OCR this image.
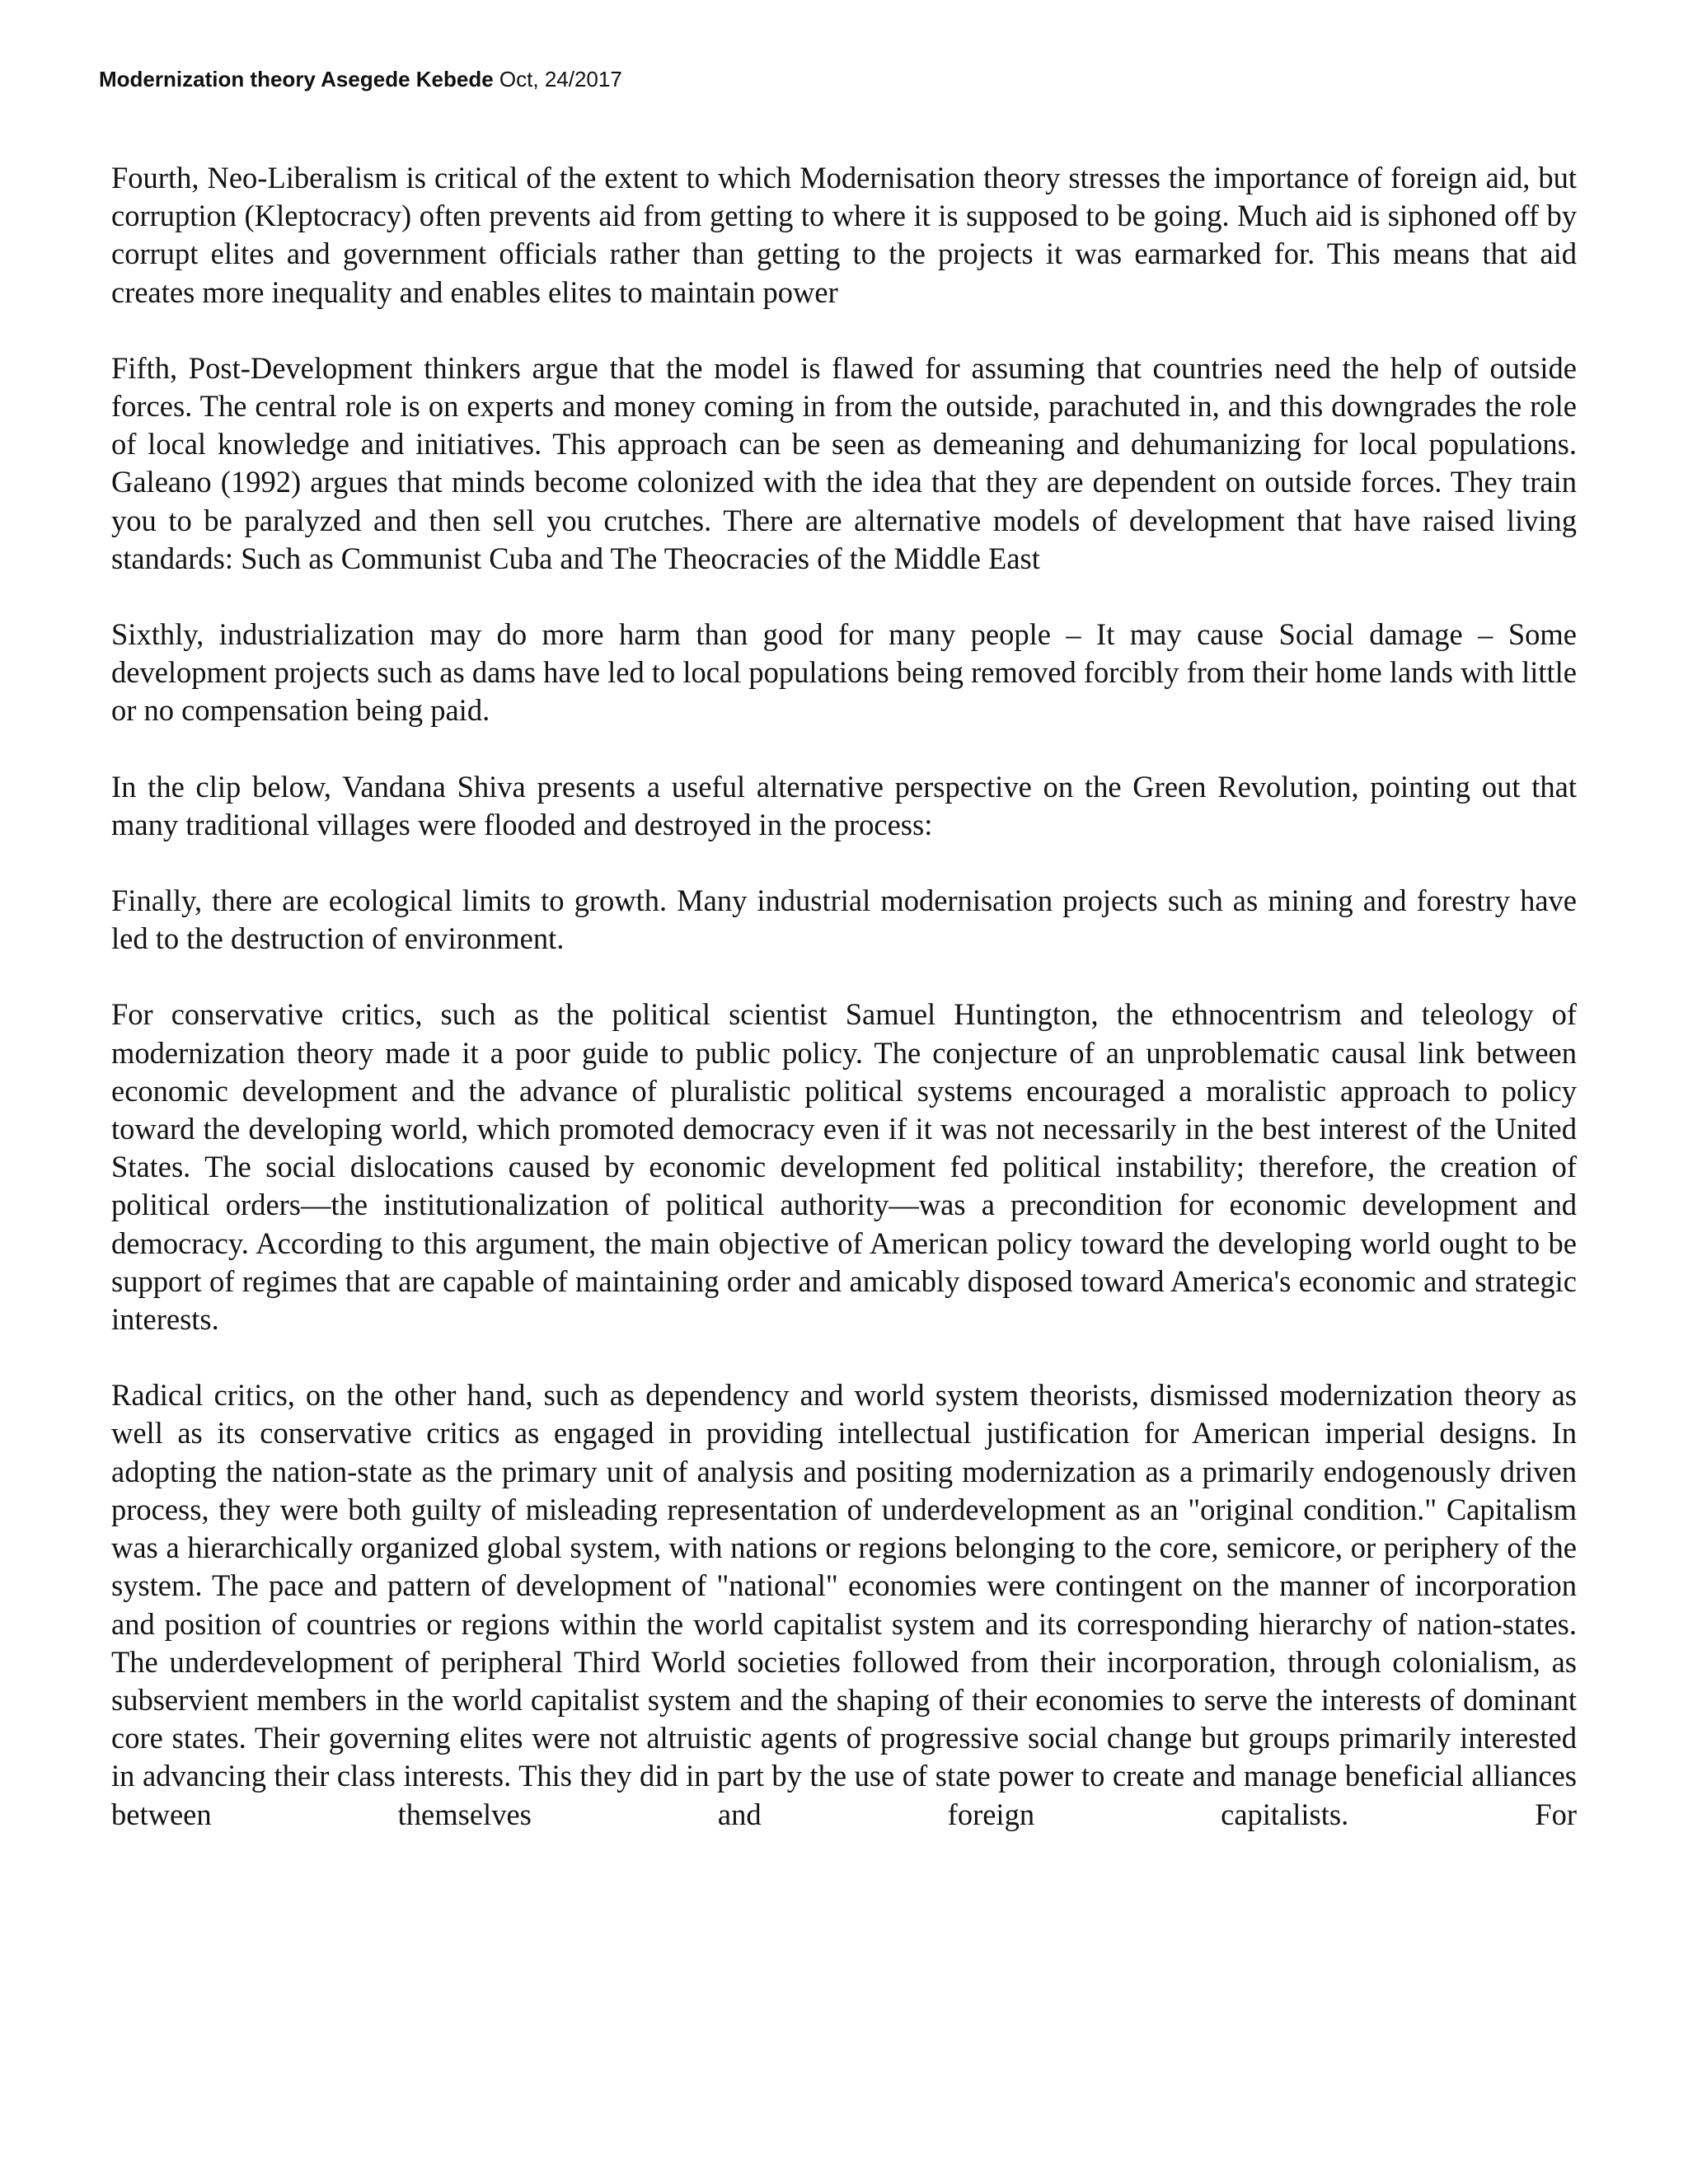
Modernization theory Asegede Kebede Oct, 24/2017

Fourth, Neo-Liberalism is critical of the extent to which Modernisation theory stresses the importance of foreign aid, but corruption (Kleptocracy) often prevents aid from getting to where it is supposed to be going. Much aid is siphoned off by corrupt elites and government officials rather than getting to the projects it was earmarked for. This means that aid creates more inequality and enables elites to maintain power

Fifth, Post-Development thinkers argue that the model is flawed for assuming that countries need the help of outside forces. The central role is on experts and money coming in from the outside, parachuted in, and this downgrades the role of local knowledge and initiatives. This approach can be seen as demeaning and dehumanizing for local populations. Galeano (1992) argues that minds become colonized with the idea that they are dependent on outside forces. They train you to be paralyzed and then sell you crutches. There are alternative models of development that have raised living standards: Such as Communist Cuba and The Theocracies of the Middle East

Sixthly, industrialization may do more harm than good for many people – It may cause Social damage – Some development projects such as dams have led to local populations being removed forcibly from their home lands with little or no compensation being paid.

In the clip below, Vandana Shiva presents a useful alternative perspective on the Green Revolution, pointing out that many traditional villages were flooded and destroyed in the process:

Finally, there are ecological limits to growth. Many industrial modernisation projects such as mining and forestry have led to the destruction of environment.

For conservative critics, such as the political scientist Samuel Huntington, the ethnocentrism and teleology of modernization theory made it a poor guide to public policy. The conjecture of an unproblematic causal link between economic development and the advance of pluralistic political systems encouraged a moralistic approach to policy toward the developing world, which promoted democracy even if it was not necessarily in the best interest of the United States. The social dislocations caused by economic development fed political instability; therefore, the creation of political orders—the institutionalization of political authority—was a precondition for economic development and democracy. According to this argument, the main objective of American policy toward the developing world ought to be support of regimes that are capable of maintaining order and amicably disposed toward America's economic and strategic interests.

Radical critics, on the other hand, such as dependency and world system theorists, dismissed modernization theory as well as its conservative critics as engaged in providing intellectual justification for American imperial designs. In adopting the nation-state as the primary unit of analysis and positing modernization as a primarily endogenously driven process, they were both guilty of misleading representation of underdevelopment as an "original condition." Capitalism was a hierarchically organized global system, with nations or regions belonging to the core, semicore, or periphery of the system. The pace and pattern of development of "national" economies were contingent on the manner of incorporation and position of countries or regions within the world capitalist system and its corresponding hierarchy of nation-states. The underdevelopment of peripheral Third World societies followed from their incorporation, through colonialism, as subservient members in the world capitalist system and the shaping of their economies to serve the interests of dominant core states. Their governing elites were not altruistic agents of progressive social change but groups primarily interested in advancing their class interests. This they did in part by the use of state power to create and manage beneficial alliances between themselves and foreign capitalists. For
